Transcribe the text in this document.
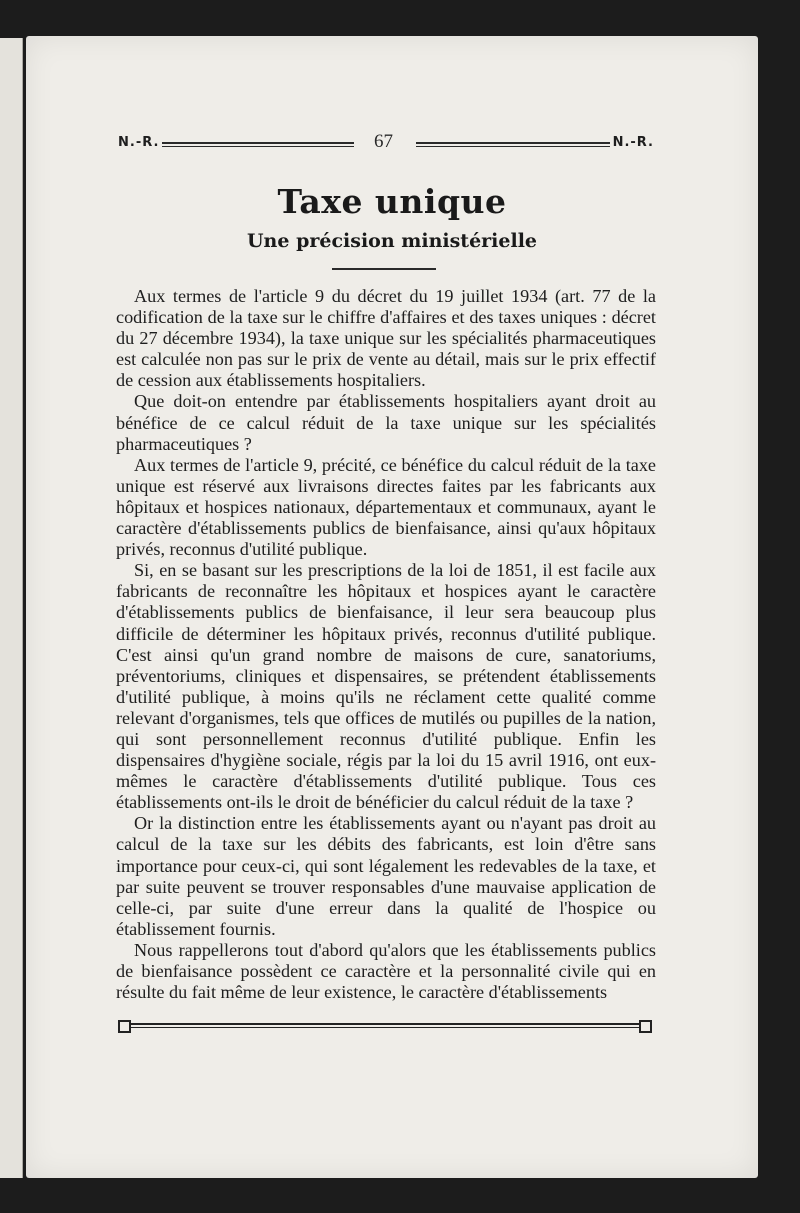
N.-R.	67	N.-R.
Taxe unique
Une précision ministérielle

Aux termes de l'article 9 du décret du 19 juillet 1934 (art. 77 de la codification de la taxe sur le chiffre d'affaires et des taxes uniques : décret du 27 décembre 1934), la taxe unique sur les spécialités pharmaceutiques est calculée non pas sur le prix de vente au détail, mais sur le prix effectif de cession aux établissements hospitaliers.

Que doit-on entendre par établissements hospitaliers ayant droit au bénéfice de ce calcul réduit de la taxe unique sur les spécialités pharmaceutiques ?

Aux termes de l'article 9, précité, ce bénéfice du calcul réduit de la taxe unique est réservé aux livraisons directes faites par les fabricants aux hôpitaux et hospices nationaux, départementaux et communaux, ayant le caractère d'établissements publics de bienfaisance, ainsi qu'aux hôpitaux privés, reconnus d'utilité publique.

Si, en se basant sur les prescriptions de la loi de 1851, il est facile aux fabricants de reconnaître les hôpitaux et hospices ayant le caractère d'établissements publics de bienfaisance, il leur sera beaucoup plus difficile de déterminer les hôpitaux privés, reconnus d'utilité publique. C'est ainsi qu'un grand nombre de maisons de cure, sanatoriums, préventoriums, cliniques et dispensaires, se prétendent établissements d'utilité publique, à moins qu'ils ne réclament cette qualité comme relevant d'organismes, tels que offices de mutilés ou pupilles de la nation, qui sont personnellement reconnus d'utilité publique. Enfin les dispensaires d'hygiène sociale, régis par la loi du 15 avril 1916, ont eux-mêmes le caractère d'établissements d'utilité publique. Tous ces établissements ont-ils le droit de bénéficier du calcul réduit de la taxe ?

Or la distinction entre les établissements ayant ou n'ayant pas droit au calcul de la taxe sur les débits des fabricants, est loin d'être sans importance pour ceux-ci, qui sont légalement les redevables de la taxe, et par suite peuvent se trouver responsables d'une mauvaise application de celle-ci, par suite d'une erreur dans la qualité de l'hospice ou établissement fournis.

Nous rappellerons tout d'abord qu'alors que les établissements publics de bienfaisance possèdent ce caractère et la personnalité civile qui en résulte du fait même de leur existence, le caractère d'établissements
